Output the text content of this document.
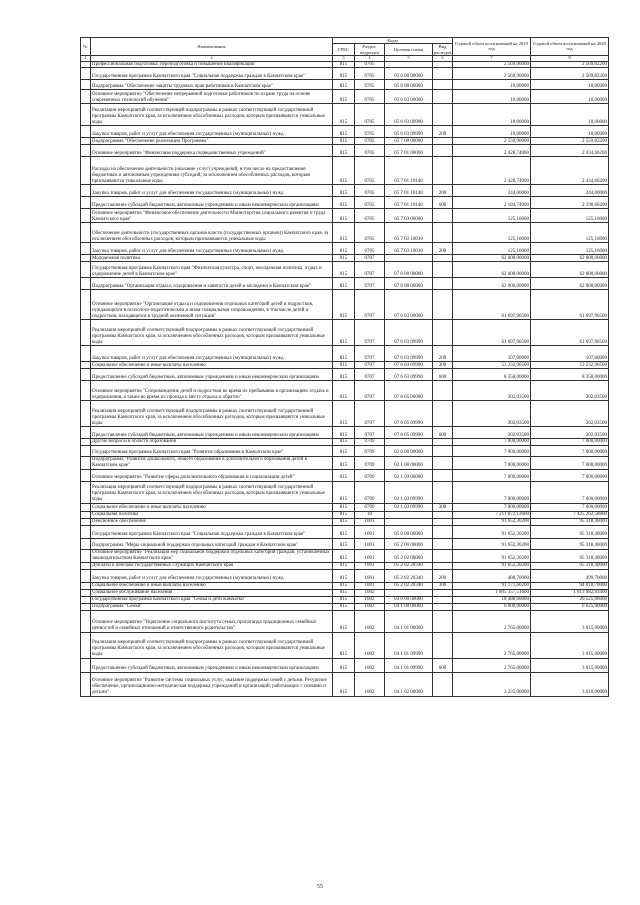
№	Наименование	Коды				Годовой объем ассигнований на 2019 год	Годовой объем ассигнований на 2020 год
		ГРБС	Раздел, подраздел	Целевая статья	Вид расходов		
1	2	3	4	5	6	7	8
	Профессиональная подготовка, переподготовка и повышение квалификации	815	0705			2 569,90000	2 569,82200
	Государственная программа Камчатского края "Социальная поддержка граждан в Камчатском крае"	815	0705	05 0 00 00000		2 569,90000	2 569,82200
	Подпрограмма "Обеспечение защиты трудовых прав работников в Камчатском крае"	815	0705	05 6 00 00000		10,00000	10,00000
	Основное мероприятие "Обеспечение непрерывной подготовки работников по охране труда на основе современных технологий обучения"	815	0705	05 6 03 00000		10,00000	10,00000
	Реализация мероприятий соответствующей подпрограммы в рамках соответствующей государственной программы Камчатского края, за исключением обособленных расходов, которым присваиваются уникальные коды	815	0705	05 6 03 09990		10,00000	10,00000
	Закупка товаров, работ и услуг для обеспечения государственных (муниципальных) нужд	815	0705	05 6 03 09990	200	10,00000	10,00000
	Подпрограмма "Обеспечение реализации Программы"	815	0705	05 7 00 00000		2 559,90000	2 559,82200
	Основное мероприятие "Финансовая поддержка подведомственных учреждений"	815	0705	05 7 01 00000		2 428,74000	2 434,66200
	Расходы на обеспечение деятельности (оказание услуг) учреждений, в том числе на предоставление бюджетным и автономным учреждениям субсидий, за исключением обособленных расходов, которым присваиваются уникальные коды	815	0705	05 7 01 10140		2 428,74000	2 434,66200
	Закупка товаров, работ и услуг для обеспечения государственных (муниципальных) нужд	815	0705	05 7 01 10140	200	244,00000	244,00000
	Предоставление субсидий бюджетным, автономным учреждениям и иным некоммерческим организациям	815	0705	05 7 01 10140	600	2 184,74000	2 190,66200
	Основное мероприятие "Финансовое обеспечение деятельности Министерства социального развития и труда Камчатского края"	815	0705	05 7 03 00000		125,16000	125,16000
	Обеспечение деятельности (государственных органов власти (государственных органов)) Камчатского края, за исключением обособленных расходов, которым присваиваются уникальные коды	815	0705	05 7 03 10010		125,16000	125,16000
	Закупка товаров, работ и услуг для обеспечения государственных (муниципальных) нужд	815	0705	05 7 03 10010	200	125,16000	125,16000
	Молодежная политика	815	0707			62 000,00000	62 000,00000
	Государственная программа Камчатского края "Физическая культура, спорт, молодежная политика, отдых и оздоровление детей в Камчатском крае"	815	0707	07 0 00 00000		62 000,00000	62 000,00000
	Подпрограмма "Организация отдыха, оздоровления и занятости детей и молодежи в Камчатском крае"	815	0707	07 6 00 00000		62 000,00000	62 000,00000
	Основное мероприятие "Организация отдыха и оздоровления отдельных категорий детей и подростков, нуждающихся в психолого-педагогическом и ином специальном сопровождении, в том числе детей и подростков, находящихся в трудной жизненной ситуации"	815	0707	07 6 03 00000		61 697,96500	61 697,96500
	Реализация мероприятий соответствующей подпрограммы в рамках соответствующей государственной программы Камчатского края, за исключением обособленных расходов, которым присваиваются уникальные коды	815	0707	07 6 03 09990		61 697,96500	61 697,96500
	Закупка товаров, работ и услуг для обеспечения государственных (муниципальных) нужд	815	0707	07 6 03 09990	200	107,00000	107,00000
	Социальное обеспечение и иные выплаты населению	815	0707	07 6 03 09990	300	53 232,96500	53 232,96500
	Предоставление субсидий бюджетным, автономным учреждениям и иным некоммерческим организациям	815	0707	07 6 03 09990	600	8 358,00000	8 358,00000
	Основное мероприятие "Сопровождение детей и подростков во время их пребывания в организациях отдыха и оздоровления, а также во время их проезда к месту отдыха и обратно"	815	0707	07 6 05 00000		302,03500	302,03500
	Реализация мероприятий соответствующей подпрограммы в рамках соответствующей государственной программы Камчатского края, за исключением обособленных расходов, которым присваиваются уникальные коды	815	0707	07 6 05 09990		302,03500	302,03500
	Предоставление субсидий бюджетным, автономным учреждениям и иным некоммерческим организациям	815	0707	07 6 05 09990	600	302,03500	302,03500
	Другие вопросы в области образования	815	0709			7 000,00000	7 000,00000
	Государственная программа Камчатского края "Развитие образования в Камчатском крае"	815	0709	02 0 00 00000		7 000,00000	7 000,00000
	Подпрограмма "Развитие дошкольного, общего образования и дополнительного образования детей в Камчатском крае"	815	0709	02 1 00 00000		7 000,00000	7 000,00000
	Основное мероприятие "Развитие сферы дополнительного образования и социализации детей"	815	0709	02 1 03 00000		7 000,00000	7 000,00000
	Реализация мероприятий соответствующей подпрограммы в рамках соответствующей государственной программы Камчатского края, за исключением обособленных расходов, которым присваиваются уникальные коды	815	0709	02 1 03 09990		7 000,00000	7 000,00000
	Социальное обеспечение и иные выплаты населению	815	0709	02 1 03 09990	300	7 000,00000	7 000,00000
	Социальная политика	815	10			7 211 872,12600	7 425 262,58800
	Пенсионное обеспечение	815	1001			91 652,30200	95 318,40000
	Государственная программа Камчатского края "Социальная поддержка граждан в Камчатском крае"	815	1001	05 0 00 00000		91 652,30200	95 318,40000
	Подпрограмма "Меры социальной поддержки отдельных категорий граждан в Камчатском крае"	815	1001	05 2 00 00000		91 652,30200	95 318,40000
	Основное мероприятие "Реализация мер социальной поддержки отдельных категорий граждан, установленных законодательством Камчатского края"	815	1001	05 2 02 00000		91 652,30200	95 318,40000
	Доплаты к пенсиям государственных служащих Камчатского края	815	1001	05 2 02 20340		91 652,30200	95 318,40000
	Закупка товаров, работ и услуг для обеспечения государственных (муниципальных) нужд	815	1001	05 2 02 20340	200	480,70000	499,70000
	Социальное обеспечение и иные выплаты населению	815	1001	05 2 02 20340	300	91 171,60200	94 818,70000
	Социальное обслуживание населения	815	1002			1 805 357,51600	1 813 982,93400
	Государственная программа Камчатского края "Семья и дети Камчатки"	815	1002	04 0 00 00000		18 488,00000	20 525,00000
	Подпрограмма "Семья"	815	1002	04 1 00 00000		6 000,00000	6 625,00000
	Основное мероприятие "Укрепление социального института семьи, пропаганда традиционных семейных ценностей и семейных отношений и ответственного родительства"	815	1002	04 1 01 00000		2 765,00000	3 015,00000
	Реализация мероприятий соответствующей подпрограммы в рамках соответствующей государственной программы Камчатского края, за исключением обособленных расходов, которым присваиваются уникальные коды	815	1002	04 1 01 09990		2 765,00000	3 015,00000
	Предоставление субсидий бюджетным, автономным учреждениям и иным некоммерческим организациям	815	1002	04 1 01 09990	600	2 765,00000	3 015,00000
	Основное мероприятие "Развитие системы социальных услуг, оказание поддержки семей с детьми. Ресурсное обеспечение, организационно-методическая поддержка учреждений и организаций, работающих с семьями и детьми"	815	1002	04 1 02 00000		3 235,00000	3 610,00000
55
